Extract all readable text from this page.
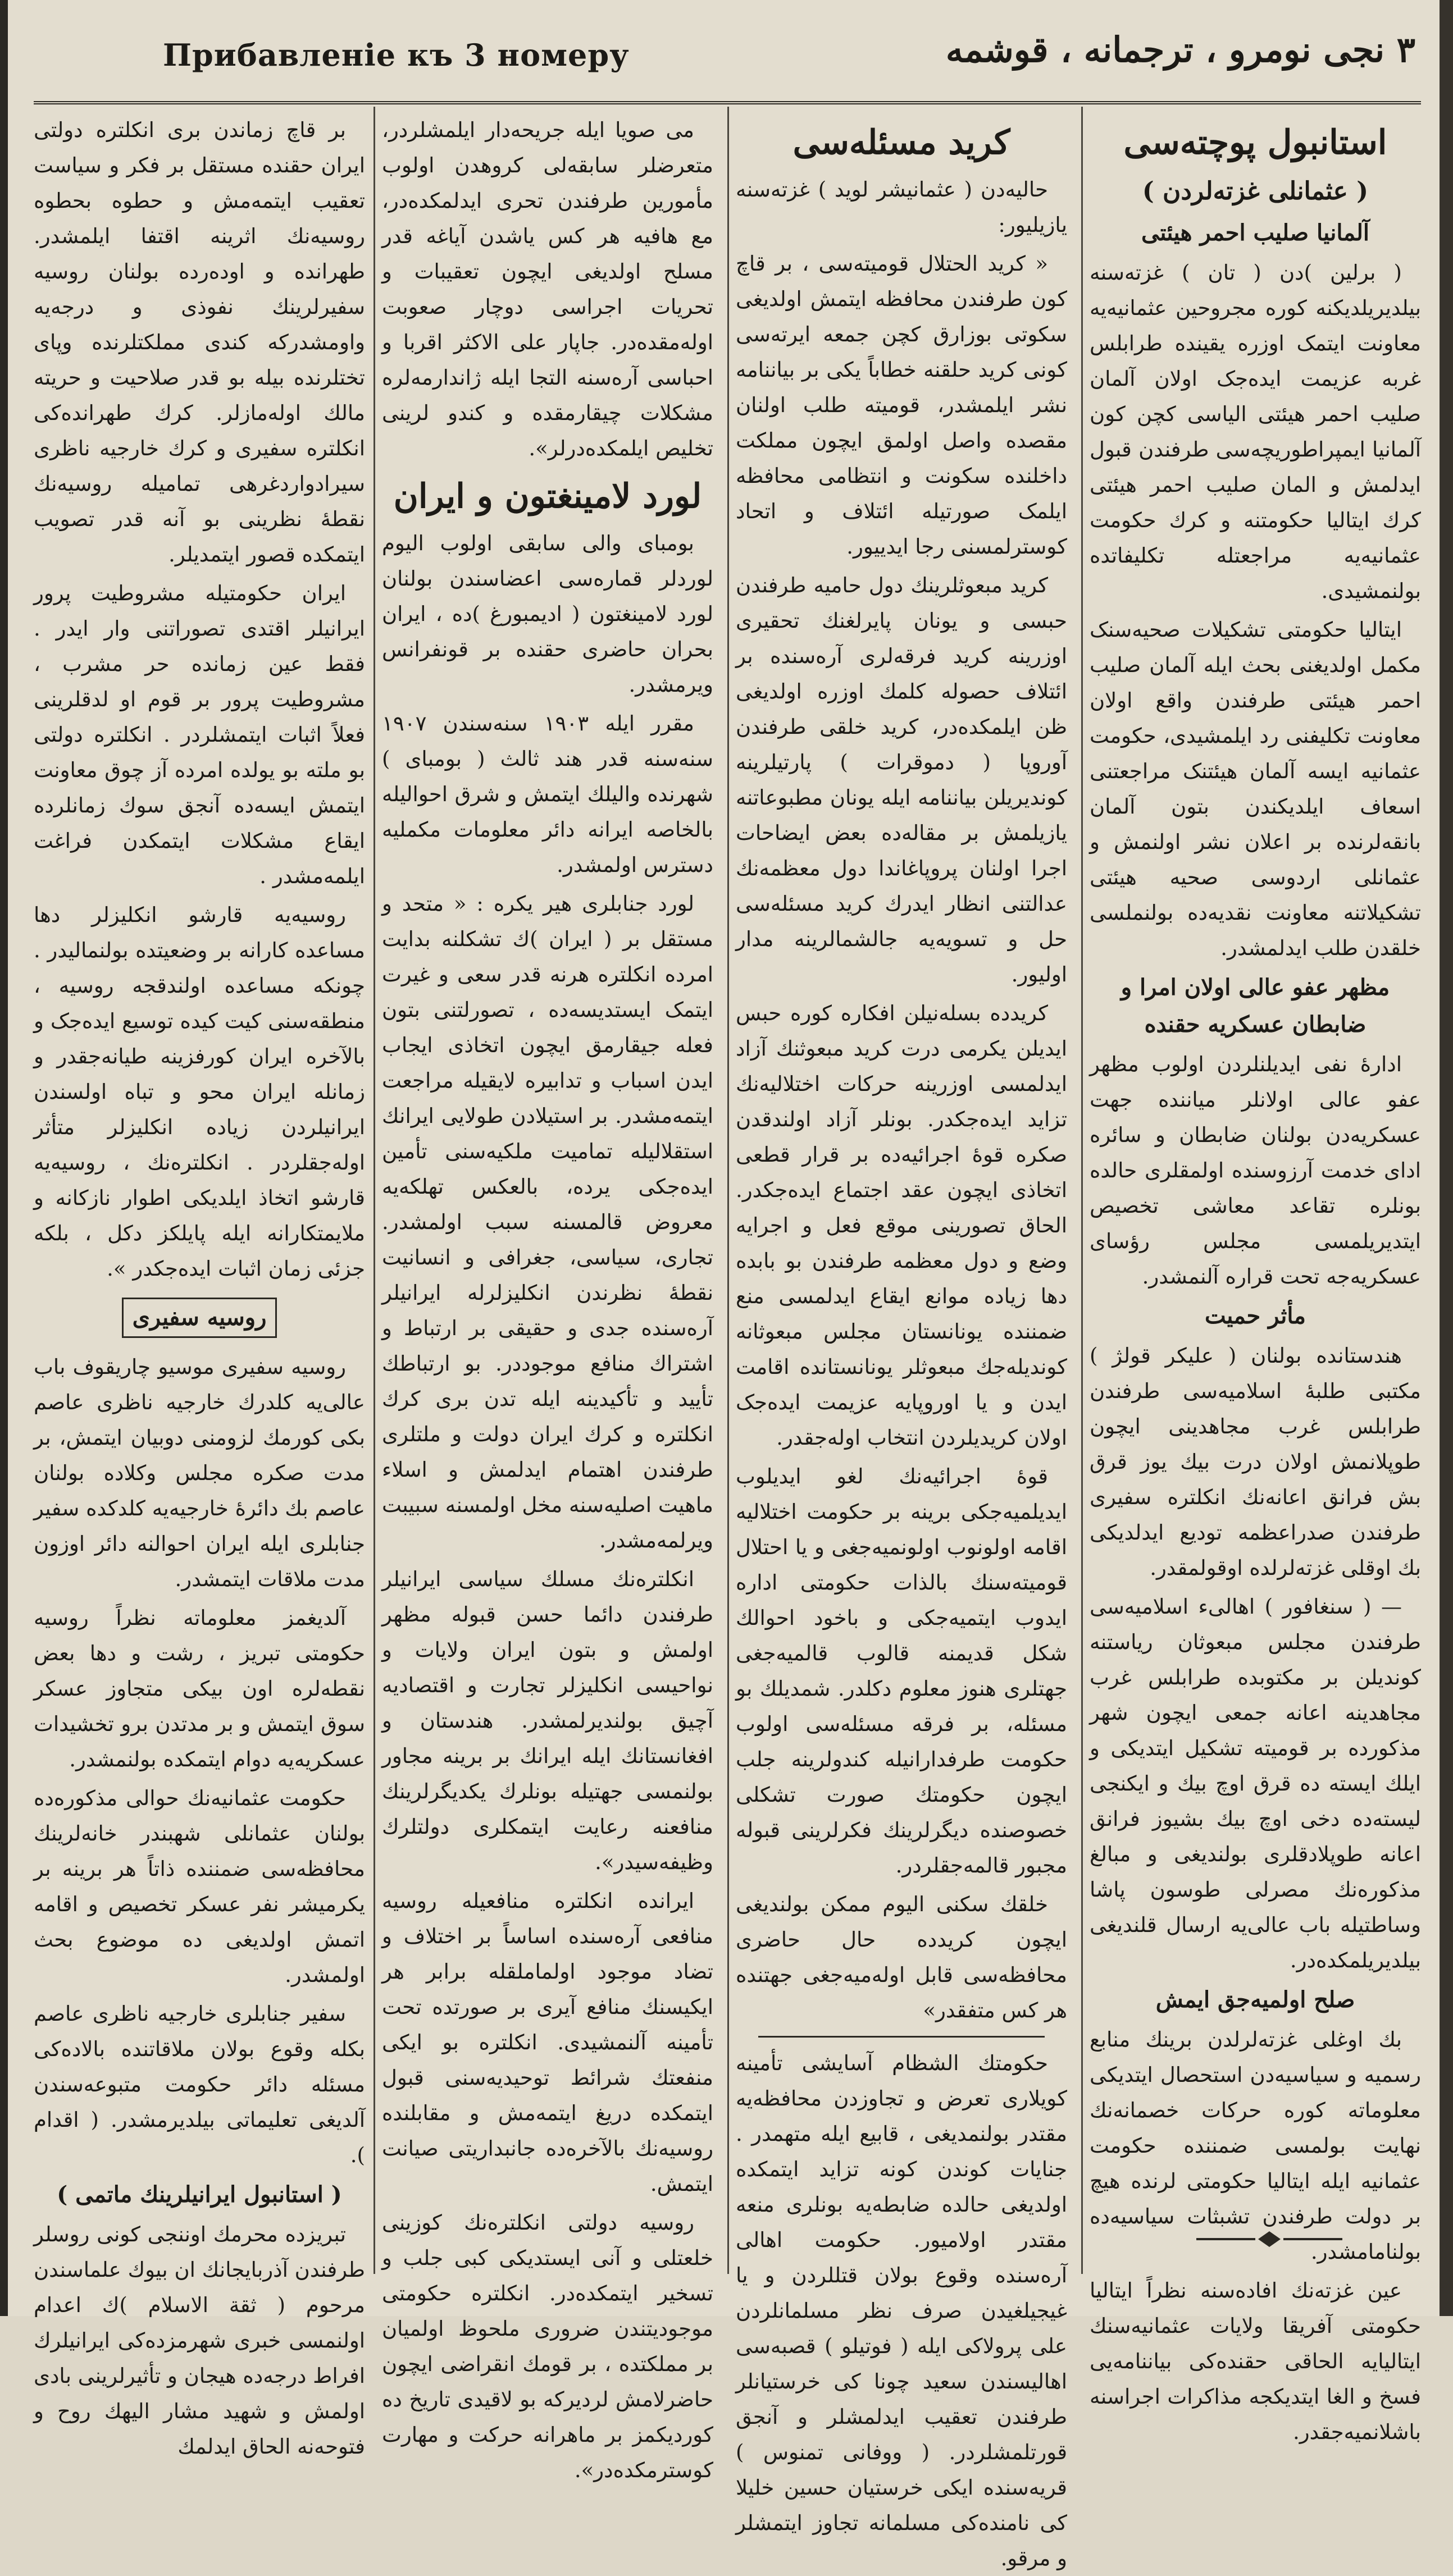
Прибавленiе къ 3 номеру	۳ نجی نومرو ، ترجمانه ، قوشمه
استانبول پوچته‌سی
( عثمانلی غزته‌لردن )
آلمانیا صلیب احمر هیئتی

( برلین )دن ( تان ) غزته‌سنه بیلدیریلدیکنه کوره مجروحین عثمانیه‌یه معاونت ایتمک اوزره یقینده طرابلس غربه عزیمت ایده‌جک اولان آلمان صلیب احمر هیئتی الیاسی کچن کون آلمانیا ایمپراطوریچه‌سی طرفندن قبول ایدلمش و المان صلیب احمر هیئتی کرك ایتالیا حکومتنه و کرك حکومت عثمانیه‌یه مراجعتله تکلیفاتده بولنمشیدی.

ایتالیا حکومتی تشکیلات صحیه‌سنک مکمل اولدیغنی بحث ایله آلمان صلیب احمر هیئتی طرفندن واقع اولان معاونت تکلیفنی رد ایلمشیدی، حکومت عثمانیه ایسه آلمان هیئتنک مراجعتنی اسعاف ایلدیکندن بتون آلمان بانقه‌لرنده بر اعلان نشر اولنمش و عثمانلی اردوسی صحیه هیئتی تشکیلاتنه معاونت نقدیه‌ده بولنملسی خلقدن طلب ایدلمشدر.

مظهر عفو عالی اولان امرا و ضابطان عسکریه حقنده

ادارهٔ نفی ایدیلنلردن اولوب مظهر عفو عالی اولانلر میاننده جهت عسکریه‌دن بولنان ضابطان و سائره ادای خدمت آرزوسنده اولمقلری حالده بونلره تقاعد معاشی تخصیص ایتدیریلمسی مجلس رؤسای عسکریه‌جه تحت قراره آلنمشدر.

مأثر حمیت

هندستانده بولنان ( علیکر قولژ ) مکتبی طلبهٔ اسلامیه‌سی طرفندن طرابلس غرب مجاهدینی ایچون طوپلانمش اولان درت بیك یوز قرق بش فرانق اعانه‌نك انکلتره سفیری طرفندن صدراعظمه تودیع ایدلدیکی بك اوقلی غزته‌لرلده اوقولمقدر.

— ( سنغافور ) اهالیء اسلامیه‌سی طرفندن مجلس مبعوثان ریاستنه کوندیلن بر مکتوبده طرابلس غرب مجاهدینه اعانه جمعی ایچون شهر مذکورده بر قومیته تشکیل ایتدیکی و ایلك ایسته ده قرق اوچ بیك و ایکنجی لیسته‌ده دخی اوچ بیك بشیوز فرانق اعانه طوپلادقلری بولندیغی و مبالغ مذکوره‌نك مصرلی طوسون پاشا وساطتیله باب عالی‌یه ارسال قلندیغی بیلدیریلمکده‌در.

صلح اولمیه‌جق ایمش

بك اوغلی غزته‌لرلدن برینك منابع رسمیه و سیاسیه‌دن استحصال ایتدیکی معلوماته کوره حرکات خصمانه‌نك نهایت بولمسی ضمننده حکومت عثمانیه ایله ایتالیا حکومتی لرنده هیچ بر دولت طرفندن تشبثات سیاسیه‌ده بولنامامشدر.

عین غزته‌نك افاده‌سنه نظراً ایتالیا حکومتی آفریقا ولایات عثمانیه‌سنك ایتالیایه الحاقی حقنده‌کی بیاننامه‌یی فسخ و الغا ایتدیکجه مذاکرات اجراسنه باشلانمیه‌جقدر.

کرید مسئله‌سی

حالیه‌دن ( عثمانیشر لوید ) غزته‌سنه یازیلیور:

« کرید الحتلال قومیته‌سی ، بر قاچ کون طرفندن محافظه ایتمش اولدیغی سکوتی بوزارق کچن جمعه ایرته‌سی کونی کرید حلقنه خطاباً یکی بر بیاننامه نشر ایلمشدر، قومیته طلب اولنان مقصده واصل اولمق ایچون مملکت داخلنده سکونت و انتظامی محافظه ایلمک صورتیله ائتلاف و اتحاد کوسترلمسنی رجا ایدییور.

کرید مبعوثلرینك دول حامیه طرفندن حبسی و یونان پایرلغنك تحقیری اوزرینه کرید فرقه‌لری آره‌سنده بر ائتلاف حصوله کلمك اوزره اولدیغی ظن ایلمکده‌در، کرید خلقی طرفندن آوروپا ( دموقرات ) پارتیلرینه کوندیریلن بیاننامه ایله یونان مطبوعاتنه یازیلمش بر مقاله‌ده بعض ایضاحات اجرا اولنان پروپاغاندا دول معظمه‌نك عدالتنی انظار ایدرك کرید مسئله‌سی حل و تسویه‌یه جالشمالرینه مدار اولیور.

کرید‌ده بسله‌نیلن افکاره کوره حبس ایدیلن یکرمی درت کرید مبعوثنك آزاد ایدلمسی اوزرینه حرکات اختلالیه‌نك تزاید ایده‌جکدر. بونلر آزاد اولندقدن صکره قوهٔ اجرائیه‌ده بر قرار قطعی اتخاذی ایچون عقد اجتماع ایده‌جکدر. الحاق تصورینی موقع فعل و اجرایه وضع و دول معظمه طرفندن بو بابده دها زیاده موانع ایقاع ایدلمسی منع ضمننده یونانستان مجلس مبعوثانه کوندیله‌جك مبعوثلر یونانستانده اقامت ایدن و یا اوروپایه عزیمت ایده‌جک اولان کریدیلردن انتخاب اوله‌جقدر.

قوهٔ اجرائیه‌نك لغو ایدیلوب ایدیلمیه‌جکی برینه بر حکومت اختلالیه اقامه اولونوب اولونمیه‌جغی و یا احتلال قومیته‌سنك بالذات حکومتی اداره ایدوب ایتمیه‌جکی و باخود احوالك شکل قدیمنه قالوب قالمیه‌جغی جهتلری هنوز معلوم دکلدر. شمدیلك بو مسئله، بر فرقه مسئله‌سی اولوب حکومت طرفدارانیله کندولرینه جلب ایچون حکومتك صورت تشکلی خصوصنده دیگرلرینك فکرلرینی قبوله مجبور قالمه‌جقلردر.

خلقك سکنی الیوم ممکن بولندیغی ایچون کرید‌ده حال حاضری محافظه‌سی قابل اوله‌میه‌جغی جهتنده هر کس متفقدر»

حکومتك الشظام آسایشی تأمینه کویلاری تعرض و تجاوزدن محافظه‌یه مقتدر بولنمدیغی ، قابیع ایله متهمدر . جنایات کوندن کونه تزاید ایتمکده اولدیغی حالده ضابطه‌یه بونلری منعه مقتدر اولامیور. حکومت اهالی آره‌سنده وقوع بولان قتللردن و یا غیجیلغیدن صرف نظر مسلمانلردن علی پرولاکی ایله ( فوتیلو ) قصبه‌سی اهالیسندن سعید چونا کی خرستیانلر طرفندن تعقیب ایدلمشلر و آنجق قورتلمشلردر. ( ووفانی تمنوس ) قریه‌سنده ایکی خرستیان حسین خلیلا کی نامنده‌کی مسلمانه تجاوز ایتمشلر و مرقو.

می صویا ایله جریحه‌دار ایلمشلردر، متعرضلر سابقه‌لی کروهدن اولوب مأمورین طرفندن تحری ایدلمکده‌در، مع هافیه هر کس یاشدن آیاغه قدر مسلح اولدیغی ایچون تعقیبات و تحریات اجراسی دوچار صعوبت اوله‌مقده‌در. جاپار علی الاکثر اقربا و احباسی آره‌سنه التجا ایله ژاندارمه‌لره مشکلات چیقارمقده و کندو لرینی تخلیص ایلمکده‌درلر».

لورد لامینغتون و ایران

بومبای والی سابقی اولوب الیوم لوردلر قماره‌سی اعضاسندن بولنان لورد لامینغتون ( ادیمبورغ )ده ، ایران بحران حاضری حقنده بر قونفرانس ویرمشدر.

مقرر ایله ۱۹۰۳ سنه‌سندن ۱۹۰۷ سنه‌سنه قدر هند ثالث ( بومبای ) شهرنده والیلك ایتمش و شرق احوالیله بالخاصه ایرانه دائر معلومات مکملیه دسترس اولمشدر.

لورد جنابلری هیر یکره : « متحد و مستقل بر ( ایران )ك تشکلنه بدایت امرده انکلتره هرنه قدر سعی و غیرت ایتمک ایستدیسه‌ده ، تصورلتنی بتون فعله جیقارمق ایچون اتخاذی ایجاب ایدن اسباب و تدابیره لایقیله مراجعت ایتمه‌مشدر. بر استیلادن طولایی ایرانك استقلالیله تمامیت ملکیه‌سنی تأمین ایده‌جکی یرده، بالعکس تهلکه‌یه معروض قالمسنه سبب اولمشدر. تجاری، سیاسی، جغرافی و انسانیت نقطهٔ نظرندن انکلیزلرله ایرانیلر آره‌سنده جدی و حقیقی بر ارتباط و اشتراك منافع موجوددر. بو ارتباطك تأیید و تأکیدینه ایله تدن بری کرك انکلتره و کرك ایران دولت و ملتلری طرفندن اهتمام ایدلمش و اسلاء ماهیت اصلیه‌سنه مخل اولمسنه سبیبت ویرلمه‌مشدر.

انکلتره‌نك مسلك سیاسی ایرانیلر طرفندن دائما حسن قبوله مظهر اولمش و بتون ایران ولایات و نواحیسی انکلیزلر تجارت و اقتصادیه آچیق بولندیرلمشدر. هندستان و افغانستانك ایله ایرانك بر برینه مجاور بولنمسی جهتیله بونلرك یکدیگرلرینك منافعنه رعایت ایتمکلری دولتلرك وظیفه‌سیدر».

ایرانده انکلتره منافعیله روسیه منافعی آره‌سنده اساساً بر اختلاف و تضاد موجود اولماملقله برابر هر ایکیسنك منافع آیری بر صورتده تحت تأمینه آلنمشیدی. انکلتره بو ایکی منفعتك شرائط توحیدیه‌سنی قبول ایتمکده دریغ ایتمه‌مش و مقابلنده روسیه‌نك بالآخره‌ده جانبداریتی صیانت ایتمش.

روسیه دولتی انکلتره‌نك کوزینی خلعتلی و آنی ایستدیکی کبی جلب و تسخیر ایتمکده‌در. انکلتره حکومتی موجودیتندن ضروری ملحوظ اولمیان بر مملکتده ، بر قومك انقراضی ایچون حاضرلامش لردیرکه بو لاقیدی تاریخ ده کوردیکمز بر ماهرانه حرکت و مهارت کوسترمکده‌در».

بر قاچ زماندن بری انکلتره دولتی ایران حقنده مستقل بر فکر و سیاست تعقیب ایتمه‌مش و حطوه بحطوه روسیه‌نك اثرینه اقتفا ایلمشدر. طهرانده و اوده‌رده بولنان روسیه سفیرلرینك نفوذی و درجه‌یه واومشدرکه کندی مملکتلرنده وپای تختلرنده بیله بو قدر صلاحیت و حریته مالك اوله‌مازلر. کرك طهرانده‌کی انکلتره سفیری و کرك خارجیه ناظری سیرادواردغرهی تماميله روسیه‌نك نقطهٔ نظرینی بو آنه قدر تصویب ایتمکده قصور ایتمدیلر.

ایران حکومتیله مشروطیت پرور ایرانیلر اقتدی تصوراتنی وار ایدر . فقط عین زمانده حر مشرب ، مشروطیت پرور بر قوم او لدقلرینی فعلاً اثبات ایتمشلردر . انکلتره دولتی بو ملته بو یولده امرده آز چوق معاونت ایتمش ایسه‌ده آنجق سوك زمانلرده ایقاع مشکلات ایتمکدن فراغت ایلمه‌مشدر .

روسیه‌یه قارشو انکلیزلر دها مساعده کارانه بر وضعیتده بولنمالیدر . چونکه مساعده اولندقجه روسیه ، منطقه‌سنی کیت کیده توسیع ایده‌جک و بالآخره ایران کورفزینه طیانه‌جقدر و زمانله ایران محو و تباه اولسندن ایرانیلردن زیاده انکلیزلر متأثر اوله‌جقلردر . انکلتره‌نك ، روسیه‌یه قارشو اتخاذ ایلدیکی اطوار نازکانه و ملایمتکارانه ایله پایلکز دکل ، بلکه جزئی زمان اثبات ایده‌جکدر ».

روسیه سفیری

روسیه سفیری موسیو چاریقوف باب عالی‌یه کلدرك خارجیه ناظری عاصم بکی کورمك لزومنی دوبیان ایتمش، بر مدت صکره مجلس وکلاده بولنان عاصم بك دائرهٔ خارجیه‌یه کلدکده سفیر جنابلری ایله ایران احوالنه دائر اوزون مدت ملاقات ایتمشدر.

آلدیغمز معلوماته نظراً روسیه حکومتی تبریز ، رشت و دها بعض نقطه‌لره اون بیکی متجاوز عسکر سوق ایتمش و بر مدتدن برو تخشیدات عسکریه‌یه دوام ایتمکده بولنمشدر.

حکومت عثمانیه‌نك حوالی مذکوره‌ده بولنان عثمانلی شهبندر خانه‌لرینك محافظه‌سی ضمننده ذاتاً هر برینه بر یکرمیشر نفر عسکر تخصیص و اقامه اتمش اولدیغی ده موضوع بحث اولمشدر.

سفیر جنابلری خارجیه ناظری عاصم بکله وقوع بولان ملاقاتنده بالاده‌کی مسئله دائر حکومت متبوعه‌سندن آلدیغی تعلیماتی بیلدیرمشدر. ( اقدام ).

( استانبول ایرانیلرینك ماتمی )

تبریزده محرمك اوننجی کونی روسلر طرفندن آذربایجانك ان بیوك علماسندن مرحوم ( ثقة الاسلام )ك اعدام اولنمسی خبری شهرمزده‌کی ایرانیلرك افراط درجه‌ده هیجان و تأثیرلرینی بادی اولمش و شهید مشار الیهك روح و فتوحه‌نه الحاق ایدلمك
